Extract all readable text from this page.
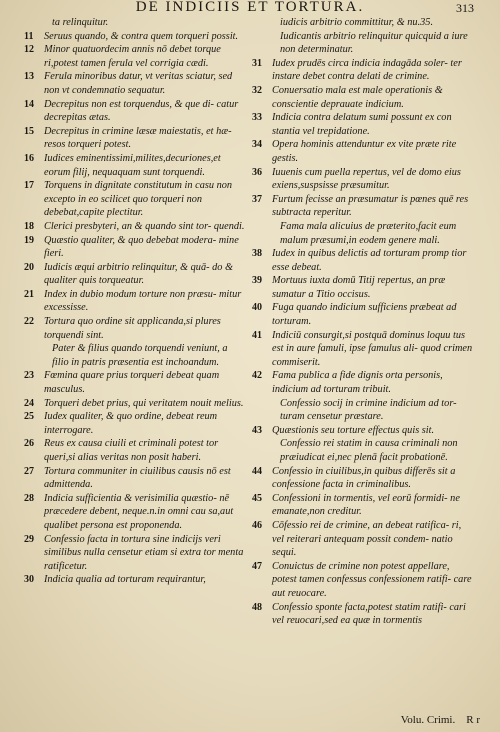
DE INDICIIS ET TORTURA.	313

ta relinquitur.

11	Seruus quando, & contra quem torqueri possit.

12 Minor quatuordecim annis nō debet torque ri,potest tamen ferula vel corrigia cædi.

13 Ferula minoribus datur, vt veritas sciatur, sed non vt condemnatio sequatur.

14 Decrepitus non est torquendus, & que di- catur decrepitas ætas.

15 Decrepitus in crimine læsæ maiestatis, et hæ- resos torqueri potest.

16 Iudices eminentissimi,milites,decuriones,et eorum filij, nequaquam sunt torquendi.

17 Torquens in dignitate constitutum in casu non excepto in eo scilicet quo torqueri non debebat,capite plectitur.

18 Clerici presbyteri, an & quando sint tor- quendi.

19 Quæstio qualiter, & quo debebat modera- mine fieri.

20 Iudicis æqui arbitrio relinquitur, & quā- do & qualiter quis torqueatur.

21 Index in dubio modum torture non præsu- mitur excessisse.

22 Tortura quo ordine sit applicanda,si plures torquendi sint.

Pater & filius quando torquendi veniunt, a filio in patris præsentia est inchoandum.

23 Fœmina quare prius torqueri debeat quam masculus.

24 Torqueri debet prius, qui veritatem nouit melius.

25 Iudex qualiter, & quo ordine, debeat reum interrogare.

26 Reus ex causa ciuili et criminali potest tor queri,si alias veritas non posit haberi.

27 Tortura communiter in ciuilibus causis nō est admittenda.

28 Indicia sufficientia & verisimilia quæstio- nē præcedere debent, neque.n.in omni cau sa,aut qualibet persona est proponenda.

29 Confessio facta in tortura sine indicijs veri similibus nulla censetur etiam si extra tor menta ratificetur.

30 Indicia qualia ad torturam requirantur,

iudicis arbitrio committitur, & nu.35.

Iudicantis arbitrio relinquitur quicquid a iure non determinatur.

31 Iudex prudēs circa indicia indagāda soler- ter instare debet contra delati de crimine.

32 Conuersatio mala est male operationis & conscientie deprauate indicium.

33 Indicia contra delatum sumi possunt ex con stantia vel trepidatione.

34 Opera hominis attenduntur ex vite præte rite gestis.

36 Iuuenis cum puella repertus, vel de domo eius exiens,suspsisse præsumitur.

37 Furtum fecisse an præsumatur is pœnes quē res subtracta reperitur.

Fama mala alicuius de præterito,facit eum malum præsumi,in eodem genere mali.

38 Iudex in quibus delictis ad torturam promp tior esse debeat.

39 Mortuus iuxta domū Titij repertus, an præ sumatur a Titio occisus.

40 Fuga quando indicium sufficiens præbeat ad torturam.

41 Indiciū consurgit,si postquā dominus loquu tus est in aure famuli, ipse famulus ali- quod crimen commiserit.

42 Fama publica a fide dignis orta personis, indicium ad torturam tribuit.

Confessio socij in crimine indicium ad tor- turam censetur præstare.

43 Quæstionis seu torture effectus quis sit.

Confessio rei statim in causa criminali non præiudicat ei,nec plenā facit probationē.

44 Confessio in ciuilibus,in quibus differēs sit a confessione facta in criminalibus.

45 Confessioni in tormentis, vel eorū formidi- ne emanate,non creditur.

46 Cōfessio rei de crimine, an debeat ratifica- ri, vel reiterari antequam possit condem- natio sequi.

47 Conuictus de crimine non potest appellare, potest tamen confessus confessionem ratifi- care aut reuocare.

48 Confessio sponte facta,potest statim ratifi- cari vel reuocari,sed ea quæ in tormentis

Volu. Crimi.    R r
